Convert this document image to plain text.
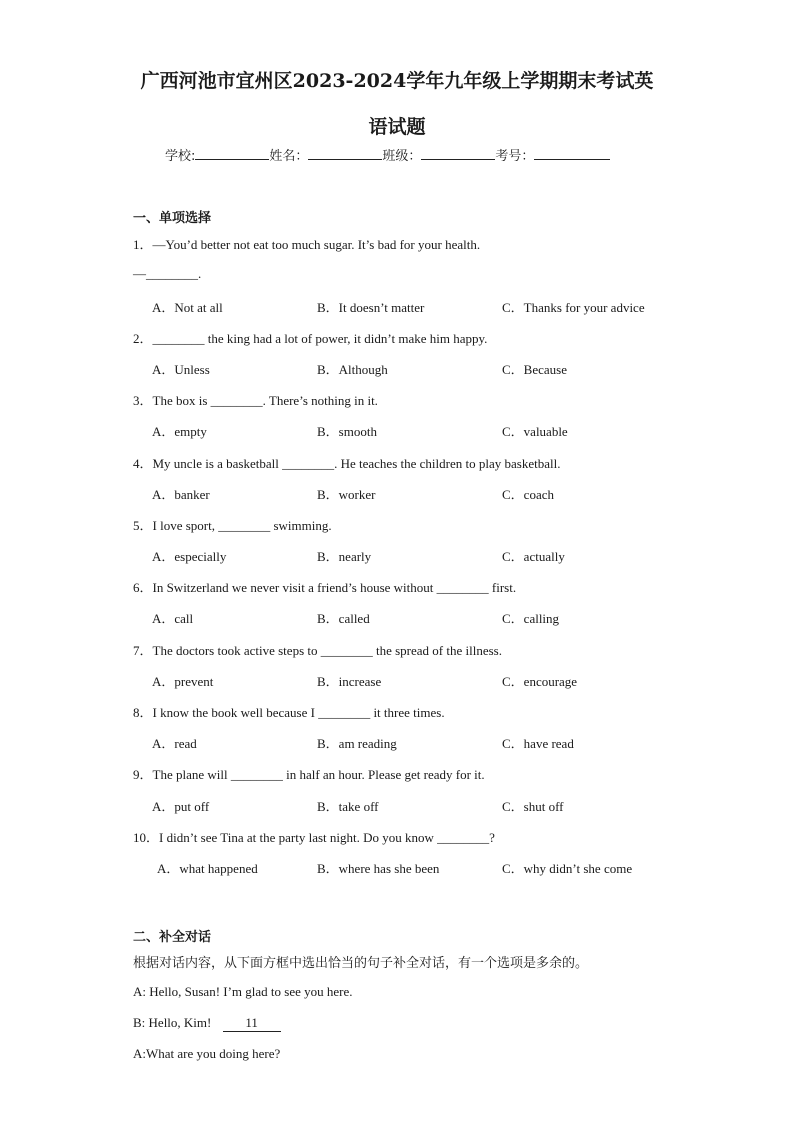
广西河池市宜州区2023-2024学年九年级上学期期末考试英
语试题
学校:	姓名：	班级：	考号：
一、单项选择
1．—You’d better not eat too much sugar. It’s bad for your health.
—________.
A．Not at all	B．It doesn’t matter	C．Thanks for your advice
2．________ the king had a lot of power, it didn’t make him happy.
A．Unless	B．Although	C．Because
3．The box is ________. There’s nothing in it.
A．empty	B．smooth	C．valuable
4．My uncle is a basketball ________. He teaches the children to play basketball.
A．banker	B．worker	C．coach
5．I love sport, ________ swimming.
A．especially	B．nearly	C．actually
6．In Switzerland we never visit a friend’s house without ________ first.
A．call	B．called	C．calling
7．The doctors took active steps to ________ the spread of the illness.
A．prevent	B．increase	C．encourage
8．I know the book well because I ________ it three times.
A．read	B．am reading	C．have read
9．The plane will ________ in half an hour. Please get ready for it.
A．put off	B．take off	C．shut off
10．I didn’t see Tina at the party last night. Do you know ________?
A．what happened	B．where has she been	C．why didn’t she come
二、补全对话
根据对话内容，从下面方框中选出恰当的句子补全对话，有一个选项是多余的。
A: Hello, Susan! I’m glad to see you here.
B: Hello, Kim!	11
A:What are you doing here?
